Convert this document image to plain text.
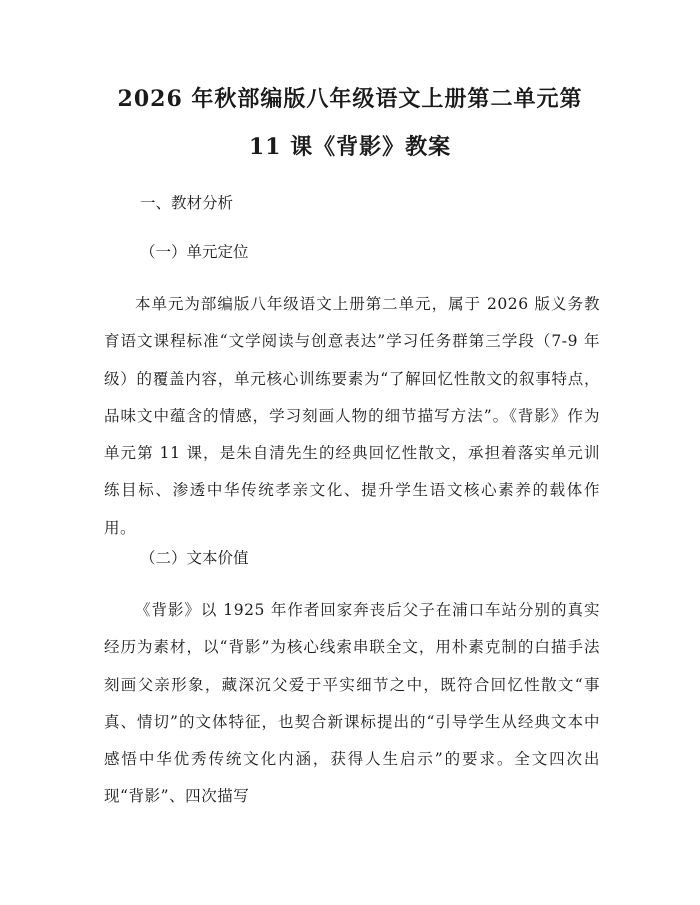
2026 年秋部编版八年级语文上册第二单元第
11 课《背影》教案
一、教材分析
（一）单元定位

本单元为部编版八年级语文上册第二单元，属于 2026 版义务教育语文课程标准“文学阅读与创意表达”学习任务群第三学段（7-9 年级）的覆盖内容，单元核心训练要素为“了解回忆性散文的叙事特点，品味文中蕴含的情感，学习刻画人物的细节描写方法”。《背影》作为单元第 11 课，是朱自清先生的经典回忆性散文，承担着落实单元训练目标、渗透中华传统孝亲文化、提升学生语文核心素养的载体作用。

（二）文本价值

《背影》以 1925 年作者回家奔丧后父子在浦口车站分别的真实经历为素材，以“背影”为核心线索串联全文，用朴素克制的白描手法刻画父亲形象，藏深沉父爱于平实细节之中，既符合回忆性散文“事真、情切”的文体特征，也契合新课标提出的“引导学生从经典文本中感悟中华优秀传统文化内涵，获得人生启示”的要求。全文四次出现“背影”、四次描写
